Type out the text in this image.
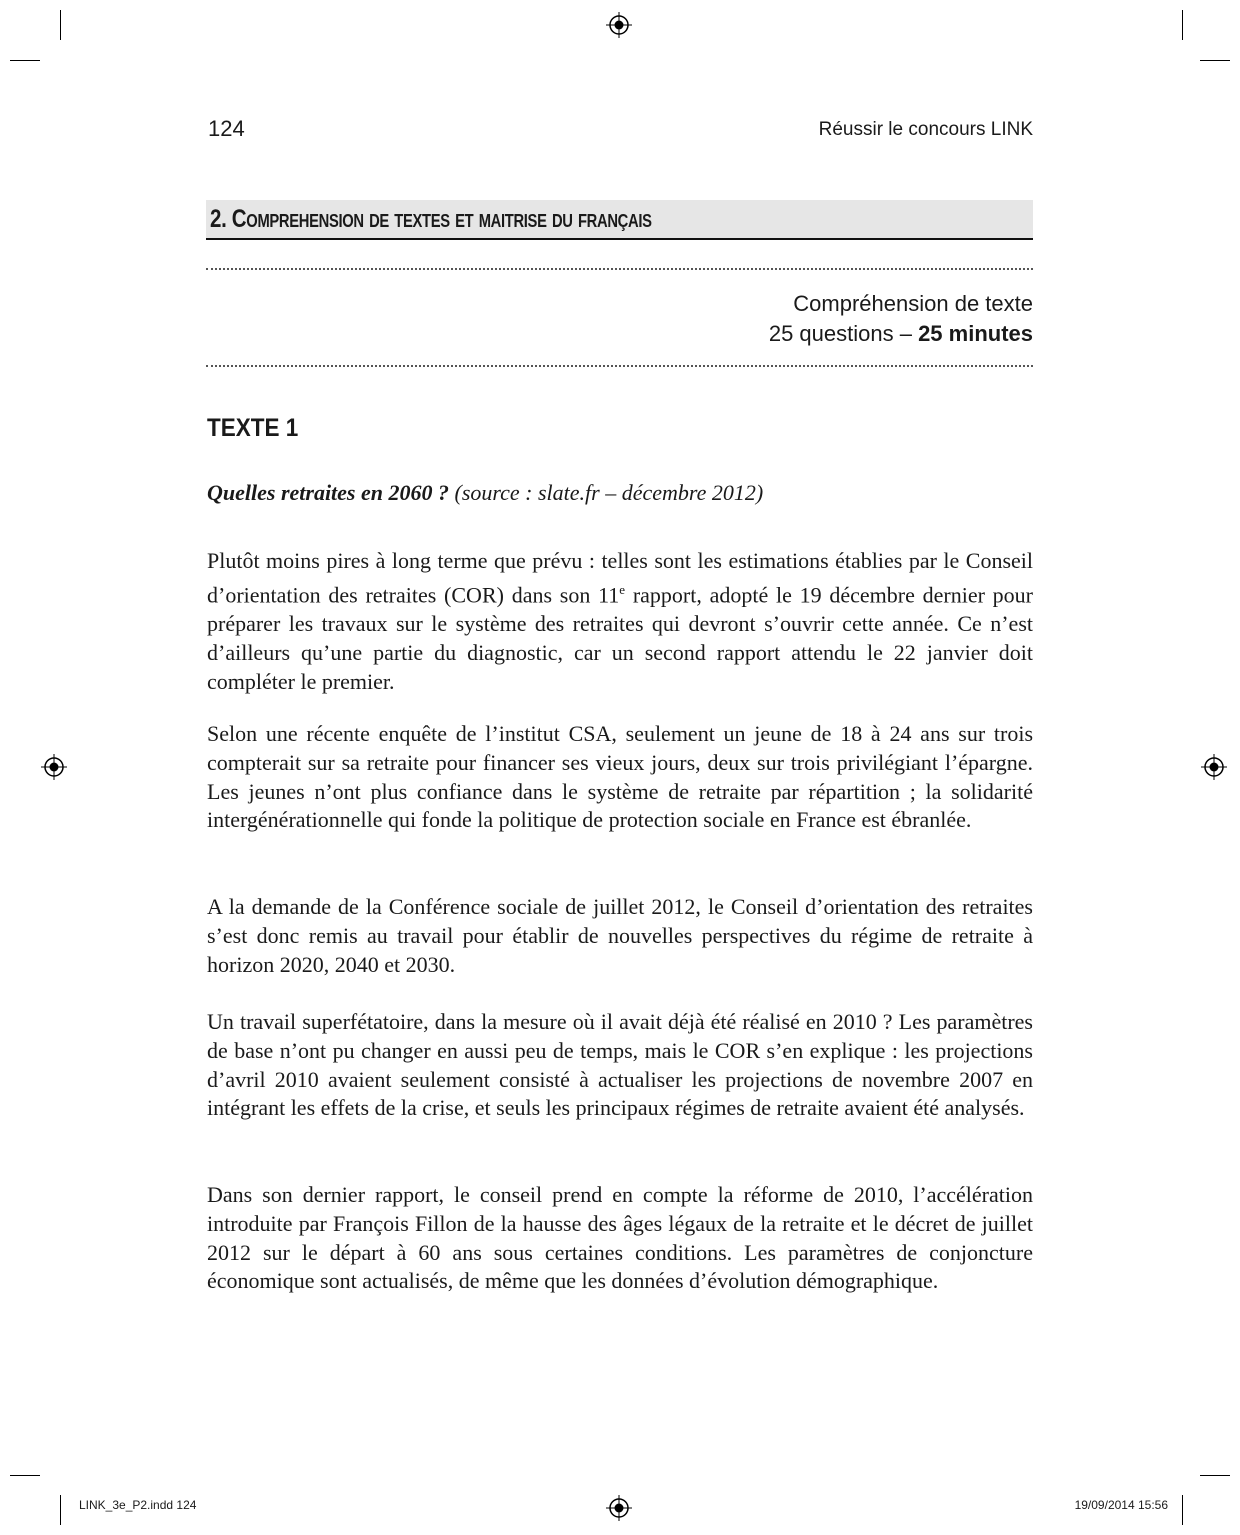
124	Réussir le concours LINK
2. Comprehension de textes et maitrise du français
Compréhension de texte
25 questions – 25 minutes
TEXTE 1
Quelles retraites en 2060 ? (source : slate.fr – décembre 2012)

Plutôt moins pires à long terme que prévu : telles sont les estimations établies par le Conseil d’orientation des retraites (COR) dans son 11e rapport, adopté le 19 décembre dernier pour préparer les travaux sur le système des retraites qui devront s’ouvrir cette année. Ce n’est d’ailleurs qu’une partie du diagnostic, car un second rapport attendu le 22 janvier doit compléter le premier.

Selon une récente enquête de l’institut CSA, seulement un jeune de 18 à 24 ans sur trois compterait sur sa retraite pour financer ses vieux jours, deux sur trois privilégiant l’épargne. Les jeunes n’ont plus confiance dans le système de retraite par répartition ; la solidarité intergénérationnelle qui fonde la politique de protection sociale en France est ébranlée.

A la demande de la Conférence sociale de juillet 2012, le Conseil d’orientation des retraites s’est donc remis au travail pour établir de nouvelles perspectives du régime de retraite à horizon 2020, 2040 et 2030.

Un travail superfétatoire, dans la mesure où il avait déjà été réalisé en 2010 ? Les paramètres de base n’ont pu changer en aussi peu de temps, mais le COR s’en explique : les projections d’avril 2010 avaient seulement consisté à actualiser les projections de novembre 2007 en intégrant les effets de la crise, et seuls les principaux régimes de retraite avaient été analysés.

Dans son dernier rapport, le conseil prend en compte la réforme de 2010, l’accélération introduite par François Fillon de la hausse des âges légaux de la retraite et le décret de juillet 2012 sur le départ à 60 ans sous certaines conditions. Les paramètres de conjoncture économique sont actualisés, de même que les données d’évolution démographique.

LINK_3e_P2.indd 124	19/09/2014 15:56
